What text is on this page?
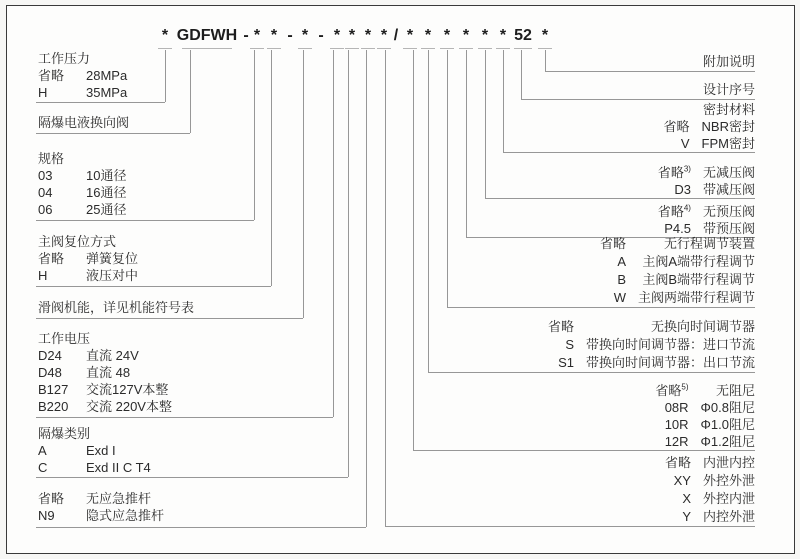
* GDFWH - * * - * - * * * * / * * * * * * 52 *
工作压力
省略	28MPa
H	35MPa
隔爆电液换向阀
规格
03	10通径
04	16通径
06	25通径
主阀复位方式
省略	弹簧复位
H	液压对中
滑阀机能，详见机能符号表
工作电压
D24	直流 24V
D48	直流 48
B127	交流127V本整
B220	交流 220V本整
隔爆类别
A	Exd I
C	Exd II C T4
省略	无应急推杆
N9	隐式应急推杆
附加说明
设计序号
密封材料
省略	NBR密封
V	FPM密封
省略$^{3)}$	无减压阀
D3	带减压阀
省略$^{4)}$	无预压阀
P4.5	带预压阀
省略	无行程调节装置
A	主阀A端带行程调节
B	主阀B端带行程调节
W	主阀两端带行程调节
省略	无换向时间调节器
S	带换向时间调节器：进口节流
S1	带换向时间调节器：出口节流
省略$^{5)}$	无阻尼
08R	Φ0.8阻尼
10R	Φ1.0阻尼
12R	Φ1.2阻尼
省略	内泄内控
XY	外控外泄
X	外控内泄
Y	内控外泄
